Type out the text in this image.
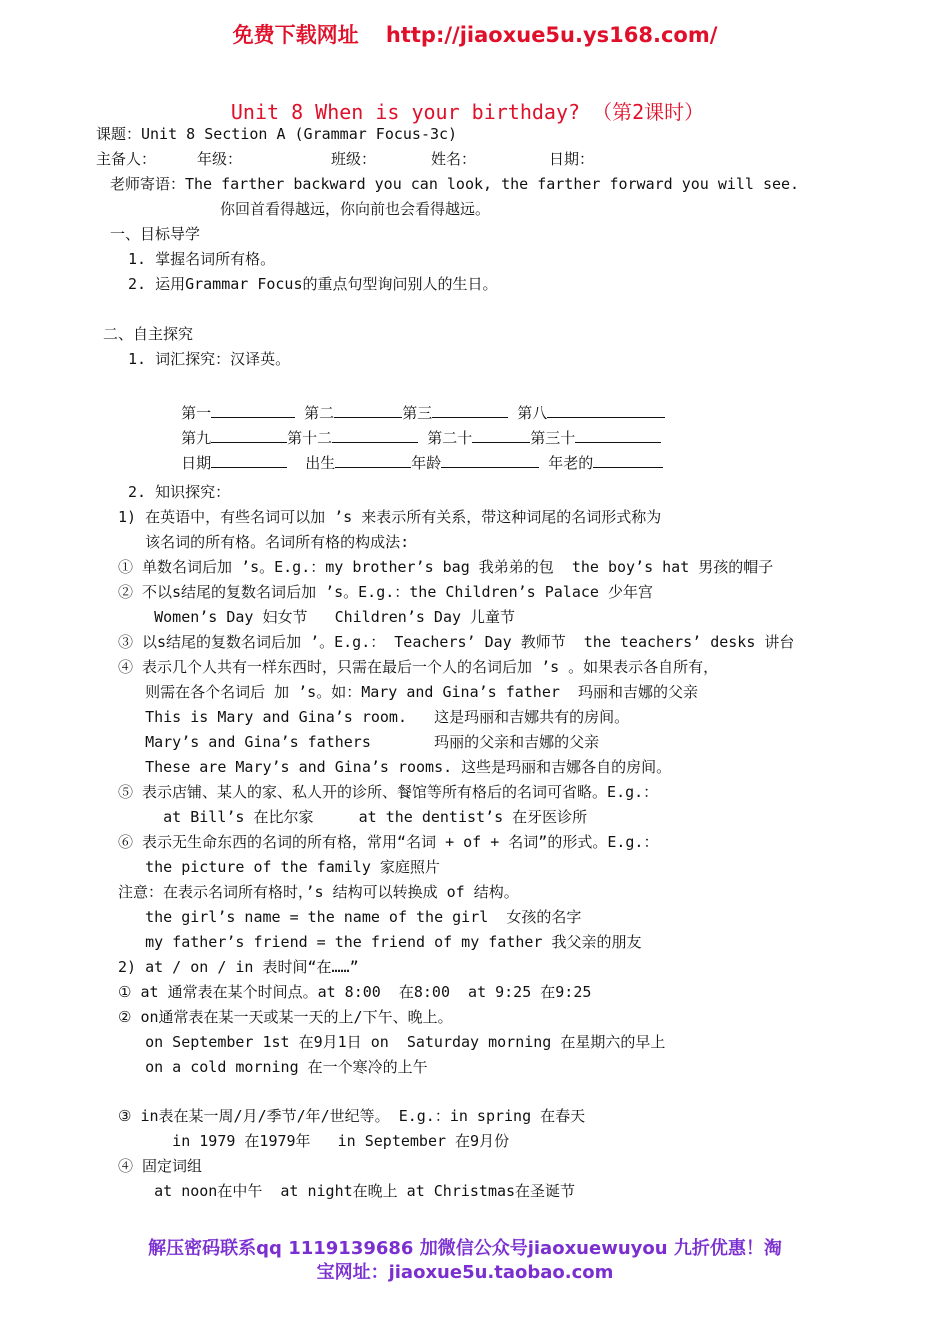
免费下载网址 http://jiaoxue5u.ys168.com/
Unit 8 When is your birthday? （第2课时）
课题：Unit 8 Section A (Grammar Focus-3c)
主备人：	年级：	班级：	姓名：	日期：
老师寄语：The farther backward you can look, the farther forward you will see.
你回首看得越远，你向前也会看得越远。
一、目标导学
1. 掌握名词所有格。
2. 运用Grammar Focus的重点句型询问别人的生日。
二、自主探究
1. 词汇探究：汉译英。

第一	第二	第三	第八

第九	第十二	第二十	第三十

日期	出生	年龄	年老的

2. 知识探究：
1) 在英语中，有些名词可以加 ’s 来表示所有关系，带这种词尾的名词形式称为
该名词的所有格。名词所有格的构成法:
① 单数名词后加 ’s。E.g.：my brother’s bag 我弟弟的包  the boy’s hat 男孩的帽子
② 不以s结尾的复数名词后加 ’s。E.g.：the Children’s Palace 少年宫
Women’s Day 妇女节   Children’s Day 儿童节
③ 以s结尾的复数名词后加 ’。E.g.： Teachers’ Day 教师节  the teachers’ desks 讲台
④ 表示几个人共有一样东西时，只需在最后一个人的名词后加 ’s 。如果表示各自所有，
则需在各个名词后 加 ’s。如：Mary and Gina’s father  玛丽和吉娜的父亲
This is Mary and Gina’s room.   这是玛丽和吉娜共有的房间。
Mary’s and Gina’s fathers       玛丽的父亲和吉娜的父亲
These are Mary’s and Gina’s rooms. 这些是玛丽和吉娜各自的房间。
⑤ 表示店铺、某人的家、私人开的诊所、餐馆等所有格后的名词可省略。E.g.：
at Bill’s 在比尔家     at the dentist’s 在牙医诊所
⑥ 表示无生命东西的名词的所有格，常用“名词 + of + 名词”的形式。E.g.：
the picture of the family 家庭照片
注意：在表示名词所有格时，’s 结构可以转换成 of 结构。
the girl’s name = the name of the girl  女孩的名字
my father’s friend = the friend of my father 我父亲的朋友
2) at / on / in 表时间“在……”
① at 通常表在某个时间点。at 8:00  在8:00  at 9:25 在9:25
② on通常表在某一天或某一天的上/下午、晚上。
on September 1st 在9月1日 on  Saturday morning 在星期六的早上
on a cold morning 在一个寒冷的上午
③ in表在某一周/月/季节/年/世纪等。 E.g.：in spring 在春天
in 1979 在1979年   in September 在9月份
④ 固定词组
at noon在中午  at night在晚上 at Christmas在圣诞节
解压密码联系qq 1119139686 加微信公众号jiaoxuewuyou 九折优惠！淘
宝网址：jiaoxue5u.taobao.com
